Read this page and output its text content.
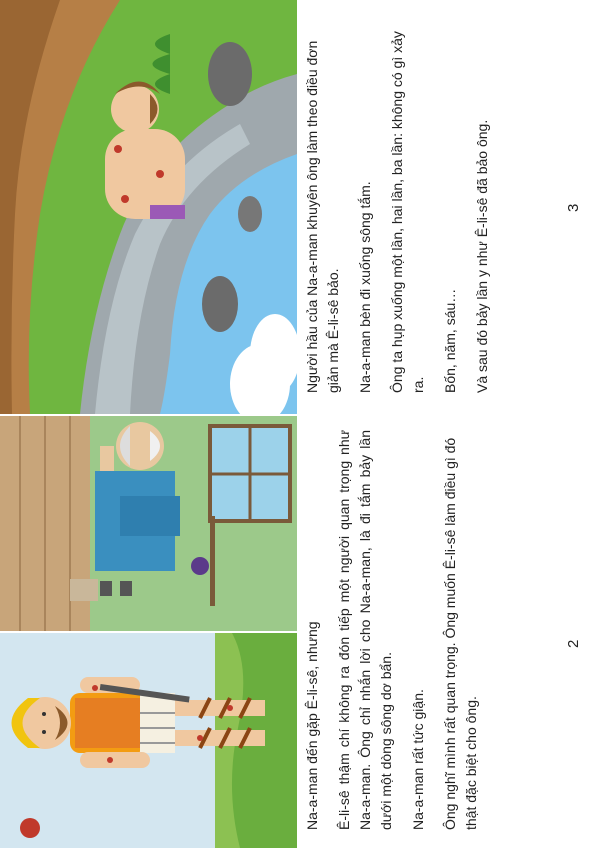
Na-a-man đến gặp Ê-li-sê, nhưng Ê-li-sê thậm chí không ra đón tiếp một người quan trọng như Na-a-man. Ông chỉ nhắn lời cho Na-a-man, là đi tắm bảy lần dưới một dòng sông dơ bẩn. Na-a-man rất tức giận. Ông nghĩ mình rất quan trọng. Ông muốn Ê-li-sê làm điều gì đó thật đặc biệt cho ông.

2

Người hầu của Na-a-man khuyên ông làm theo điều đơn giản mà Ê-li-sê bảo. Na-a-man bèn đi xuống sông tắm. Ông ta hụp xuống một lần, hai lần, ba lần: không có gì xảy ra. Bốn, năm, sáu… Và sau đó bảy lần y như Ê-li-sê đã bảo ông.	3
